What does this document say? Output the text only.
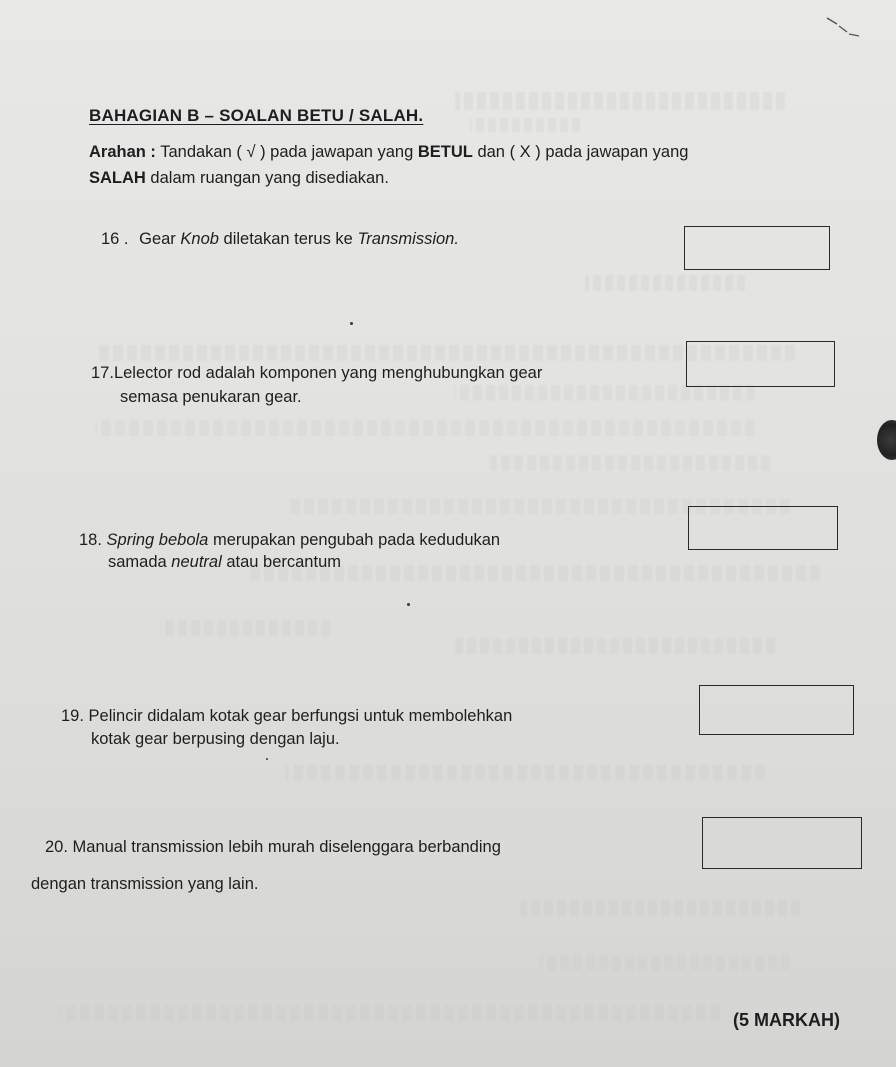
BAHAGIAN B – SOALAN BETU / SALAH.
Arahan : Tandakan ( √ ) pada jawapan yang BETUL dan ( X ) pada jawapan yang
SALAH dalam ruangan yang disediakan.
16 . Gear Knob diletakan terus ke Transmission.
17.Lelector rod adalah komponen yang menghubungkan gear
semasa penukaran gear.
18. Spring bebola merupakan pengubah pada kedudukan
samada neutral atau bercantum
19. Pelincir didalam kotak gear berfungsi untuk membolehkan
kotak gear berpusing dengan laju.
20. Manual transmission lebih murah diselenggara berbanding
dengan transmission yang lain.
(5 MARKAH)
